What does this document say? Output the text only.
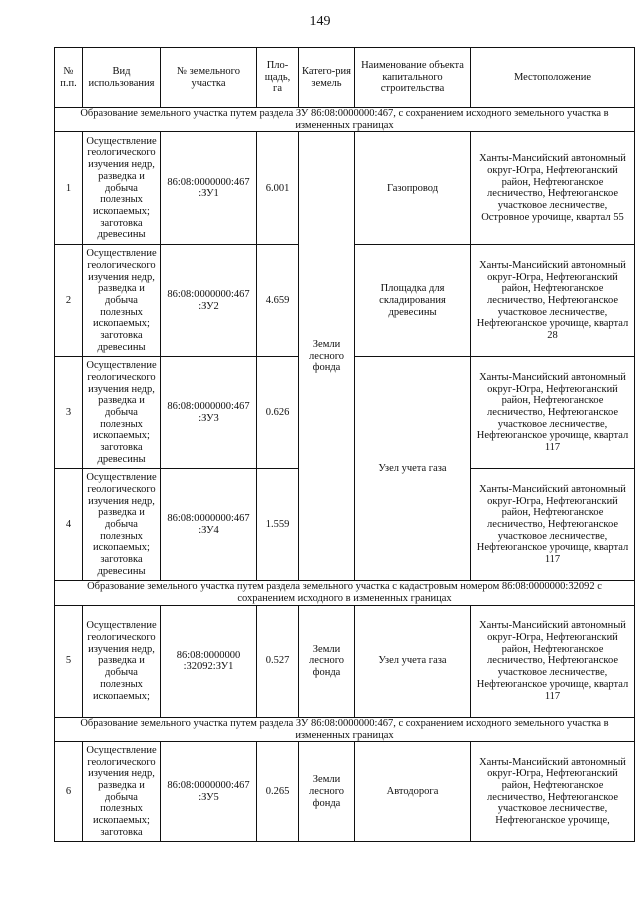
149
№ п.п.	Вид использования	№ земельного участка	Пло-щадь, га	Катего-рия земель	Наименование объекта капитального строительства	Местоположение
Образование земельного участка путем раздела ЗУ 86:08:0000000:467, с сохранением исходного земельного участка в измененных границах						
1	Осуществление геологического изучения недр, разведка и добыча полезных ископаемых; заготовка древесины	86:08:0000000:467 :ЗУ1	6.001	Земли лесного фонда	Газопровод	Ханты-Мансийский автономный округ-Югра, Нефтеюганский район, Нефтеюганское лесничество, Нефтеюганское участковое лесничестве, Островное урочище, квартал 55
2	Осуществление геологического изучения недр, разведка и добыча полезных ископаемых; заготовка древесины	86:08:0000000:467 :ЗУ2	4.659		Площадка для складирования древесины	Ханты-Мансийский автономный округ-Югра, Нефтеюганский район, Нефтеюганское лесничество, Нефтеюганское участковое лесничестве, Нефтеюганское урочище, квартал 28
3	Осуществление геологического изучения недр, разведка и добыча полезных ископаемых; заготовка древесины	86:08:0000000:467 :ЗУ3	0.626		Узел учета газа	Ханты-Мансийский автономный округ-Югра, Нефтеюганский район, Нефтеюганское лесничество, Нефтеюганское участковое лесничестве, Нефтеюганское урочище, квартал 117
4	Осуществление геологического изучения недр, разведка и добыча полезных ископаемых; заготовка древесины	86:08:0000000:467 :ЗУ4	1.559			Ханты-Мансийский автономный округ-Югра, Нефтеюганский район, Нефтеюганское лесничество, Нефтеюганское участковое лесничестве, Нефтеюганское урочище, квартал 117
Образование земельного участка путем раздела земельного участка с кадастровым номером 86:08:0000000:32092 с сохранением исходного в измененных границах						
5	Осуществление геологического изучения недр, разведка и добыча полезных ископаемых;	86:08:0000000 :32092:ЗУ1	0.527	Земли лесного фонда	Узел учета газа	Ханты-Мансийский автономный округ-Югра, Нефтеюганский район, Нефтеюганское лесничество, Нефтеюганское участковое лесничестве, Нефтеюганское урочище, квартал 117
Образование земельного участка путем раздела ЗУ 86:08:0000000:467, с сохранением исходного земельного участка в измененных границах						
6	Осуществление геологического изучения недр, разведка и добыча полезных ископаемых; заготовка	86:08:0000000:467 :ЗУ5	0.265	Земли лесного фонда	Автодорога	Ханты-Мансийский автономный округ-Югра, Нефтеюганский район, Нефтеюганское лесничество, Нефтеюганское участковое лесничестве, Нефтеюганское урочище,
